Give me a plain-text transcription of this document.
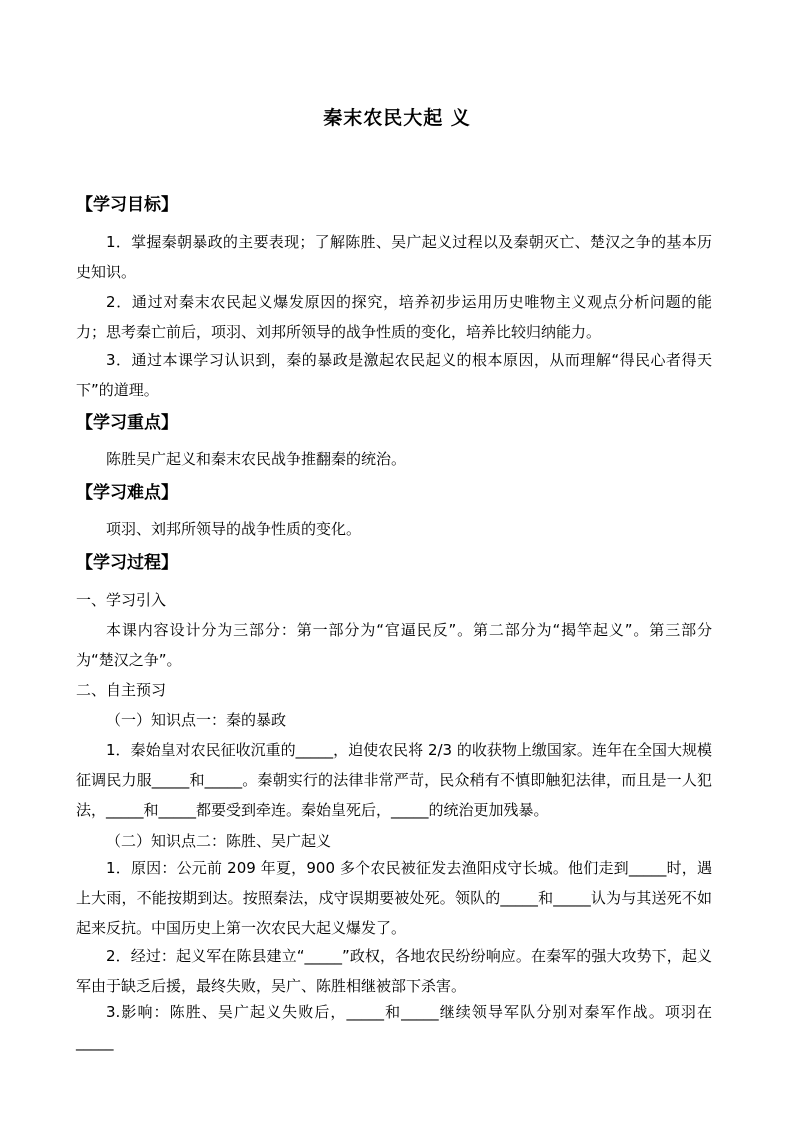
秦末农民大起 义
【学习目标】

1．掌握秦朝暴政的主要表现；了解陈胜、吴广起义过程以及秦朝灭亡、楚汉之争的基本历史知识。

2．通过对秦末农民起义爆发原因的探究，培养初步运用历史唯物主义观点分析问题的能力；思考秦亡前后，项羽、刘邦所领导的战争性质的变化，培养比较归纳能力。

3．通过本课学习认识到，秦的暴政是激起农民起义的根本原因，从而理解“得民心者得天下”的道理。

【学习重点】

陈胜吴广起义和秦末农民战争推翻秦的统治。

【学习难点】

项羽、刘邦所领导的战争性质的变化。

【学习过程】
一、学习引入

本课内容设计分为三部分：第一部分为“官逼民反”。第二部分为“揭竿起义”。第三部分为“楚汉之争”。

二、自主预习
（一）知识点一：秦的暴政

1．秦始皇对农民征收沉重的_____，迫使农民将 2/3 的收获物上缴国家。连年在全国大规模征调民力服_____和_____。秦朝实行的法律非常严苛，民众稍有不慎即触犯法律，而且是一人犯法，_____和_____都要受到牵连。秦始皇死后，_____的统治更加残暴。

（二）知识点二：陈胜、吴广起义

1．原因：公元前 209 年夏，900 多个农民被征发去渔阳戍守长城。他们走到_____时，遇上大雨，不能按期到达。按照秦法，戍守误期要被处死。领队的_____和_____认为与其送死不如起来反抗。中国历史上第一次农民大起义爆发了。

2．经过：起义军在陈县建立“_____”政权，各地农民纷纷响应。在秦军的强大攻势下，起义军由于缺乏后援，最终失败，吴广、陈胜相继被部下杀害。

3.影响：陈胜、吴广起义失败后，_____和_____继续领导军队分别对秦军作战。项羽在_____
